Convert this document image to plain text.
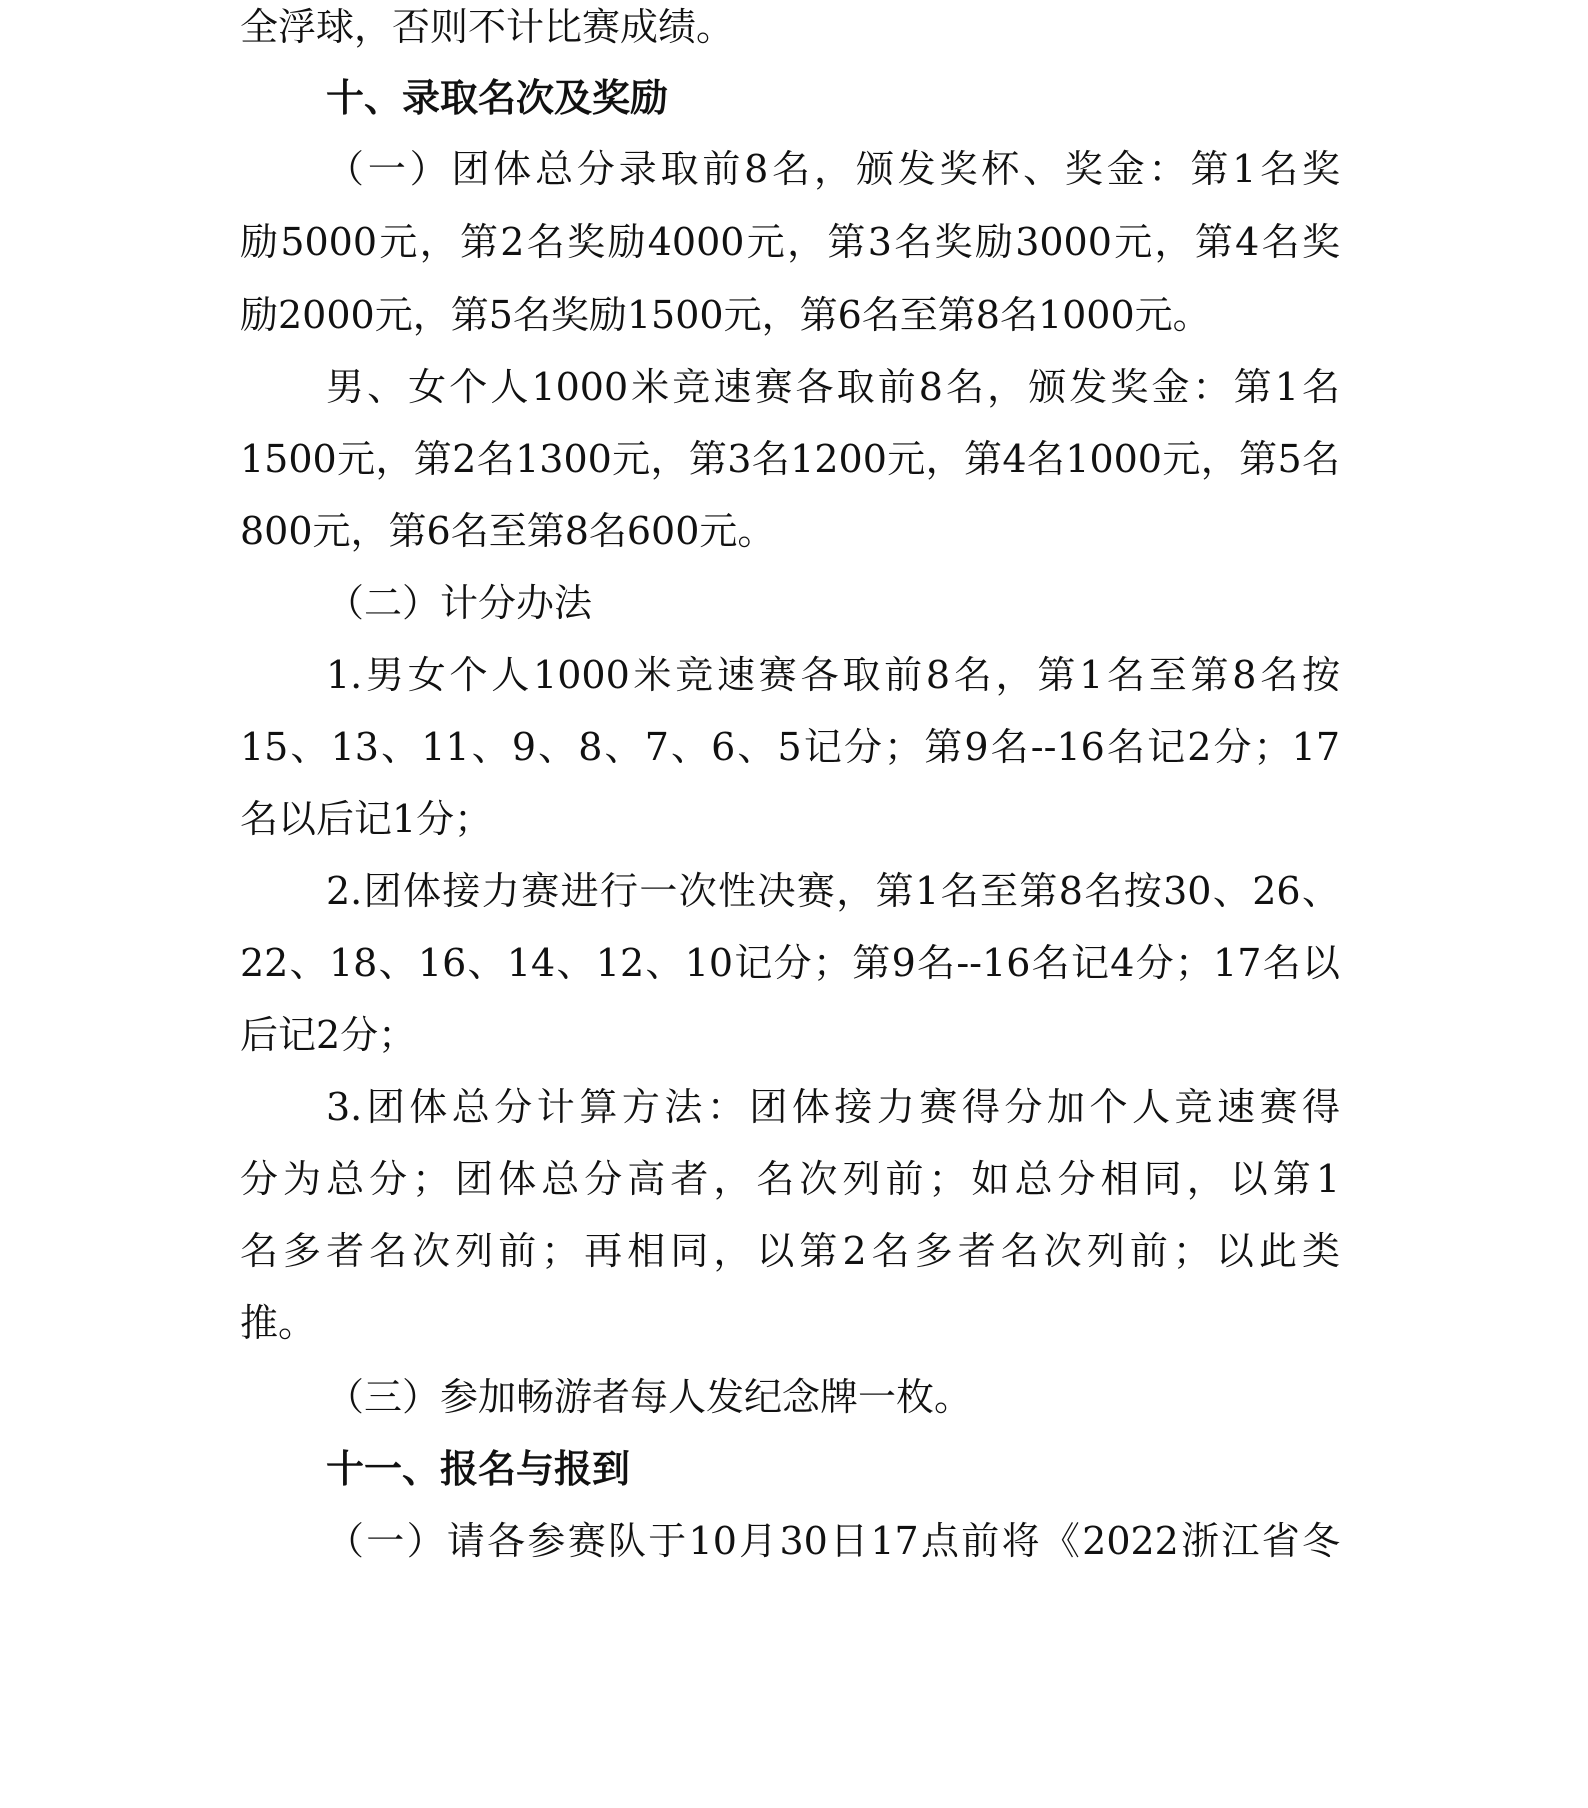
全浮球，否则不计比赛成绩。
十、录取名次及奖励
（一）团体总分录取前8名，颁发奖杯、奖金：第1名奖
励5000元，第2名奖励4000元，第3名奖励3000元，第4名奖
励2000元，第5名奖励1500元，第6名至第8名1000元。
男、女个人1000米竞速赛各取前8名，颁发奖金：第1名
1500元，第2名1300元，第3名1200元，第4名1000元，第5名
800元，第6名至第8名600元。
（二）计分办法
1.男女个人1000米竞速赛各取前8名，第1名至第8名按
15、13、11、9、8、7、6、5记分；第9名--16名记2分；17
名以后记1分；
2.团体接力赛进行一次性决赛，第1名至第8名按30、26、
22、18、16、14、12、10记分；第9名--16名记4分；17名以
后记2分；
3.团体总分计算方法：团体接力赛得分加个人竞速赛得
分为总分；团体总分高者，名次列前；如总分相同，以第1
名多者名次列前；再相同，以第2名多者名次列前；以此类
推。
（三）参加畅游者每人发纪念牌一枚。
十一、报名与报到
（一）请各参赛队于10月30日17点前将《2022浙江省冬
